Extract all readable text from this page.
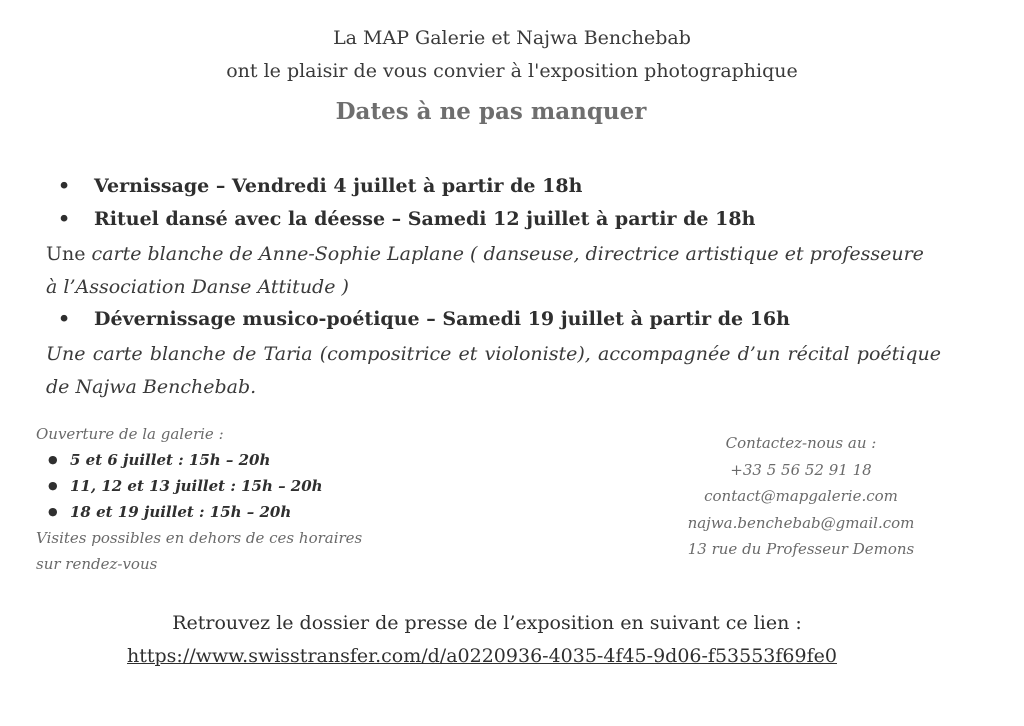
La MAP Galerie et Najwa Benchebab
ont le plaisir de vous convier à l'exposition photographique
Dates à ne pas manquer
• Vernissage – Vendredi 4 juillet à partir de 18h
• Rituel dansé avec la déesse – Samedi 12 juillet à partir de 18h
Une carte blanche de Anne-Sophie Laplane ( danseuse, directrice artistique et professeure à l’Association Danse Attitude )
• Dévernissage musico-poétique – Samedi 19 juillet à partir de 16h
Une carte blanche de Taria (compositrice et violoniste), accompagnée d’un récital poétique de Najwa Benchebab.
Ouverture de la galerie :
● 5 et 6 juillet : 15h – 20h
● 11, 12 et 13 juillet : 15h – 20h
● 18 et 19 juillet : 15h – 20h
Visites possibles en dehors de ces horaires
sur rendez-vous
Contactez-nous au :
+33 5 56 52 91 18
contact@mapgalerie.com
najwa.benchebab@gmail.com
13 rue du Professeur Demons
Retrouvez le dossier de presse de l’exposition en suivant ce lien :
https://www.swisstransfer.com/d/a0220936-4035-4f45-9d06-f53553f69fe0
